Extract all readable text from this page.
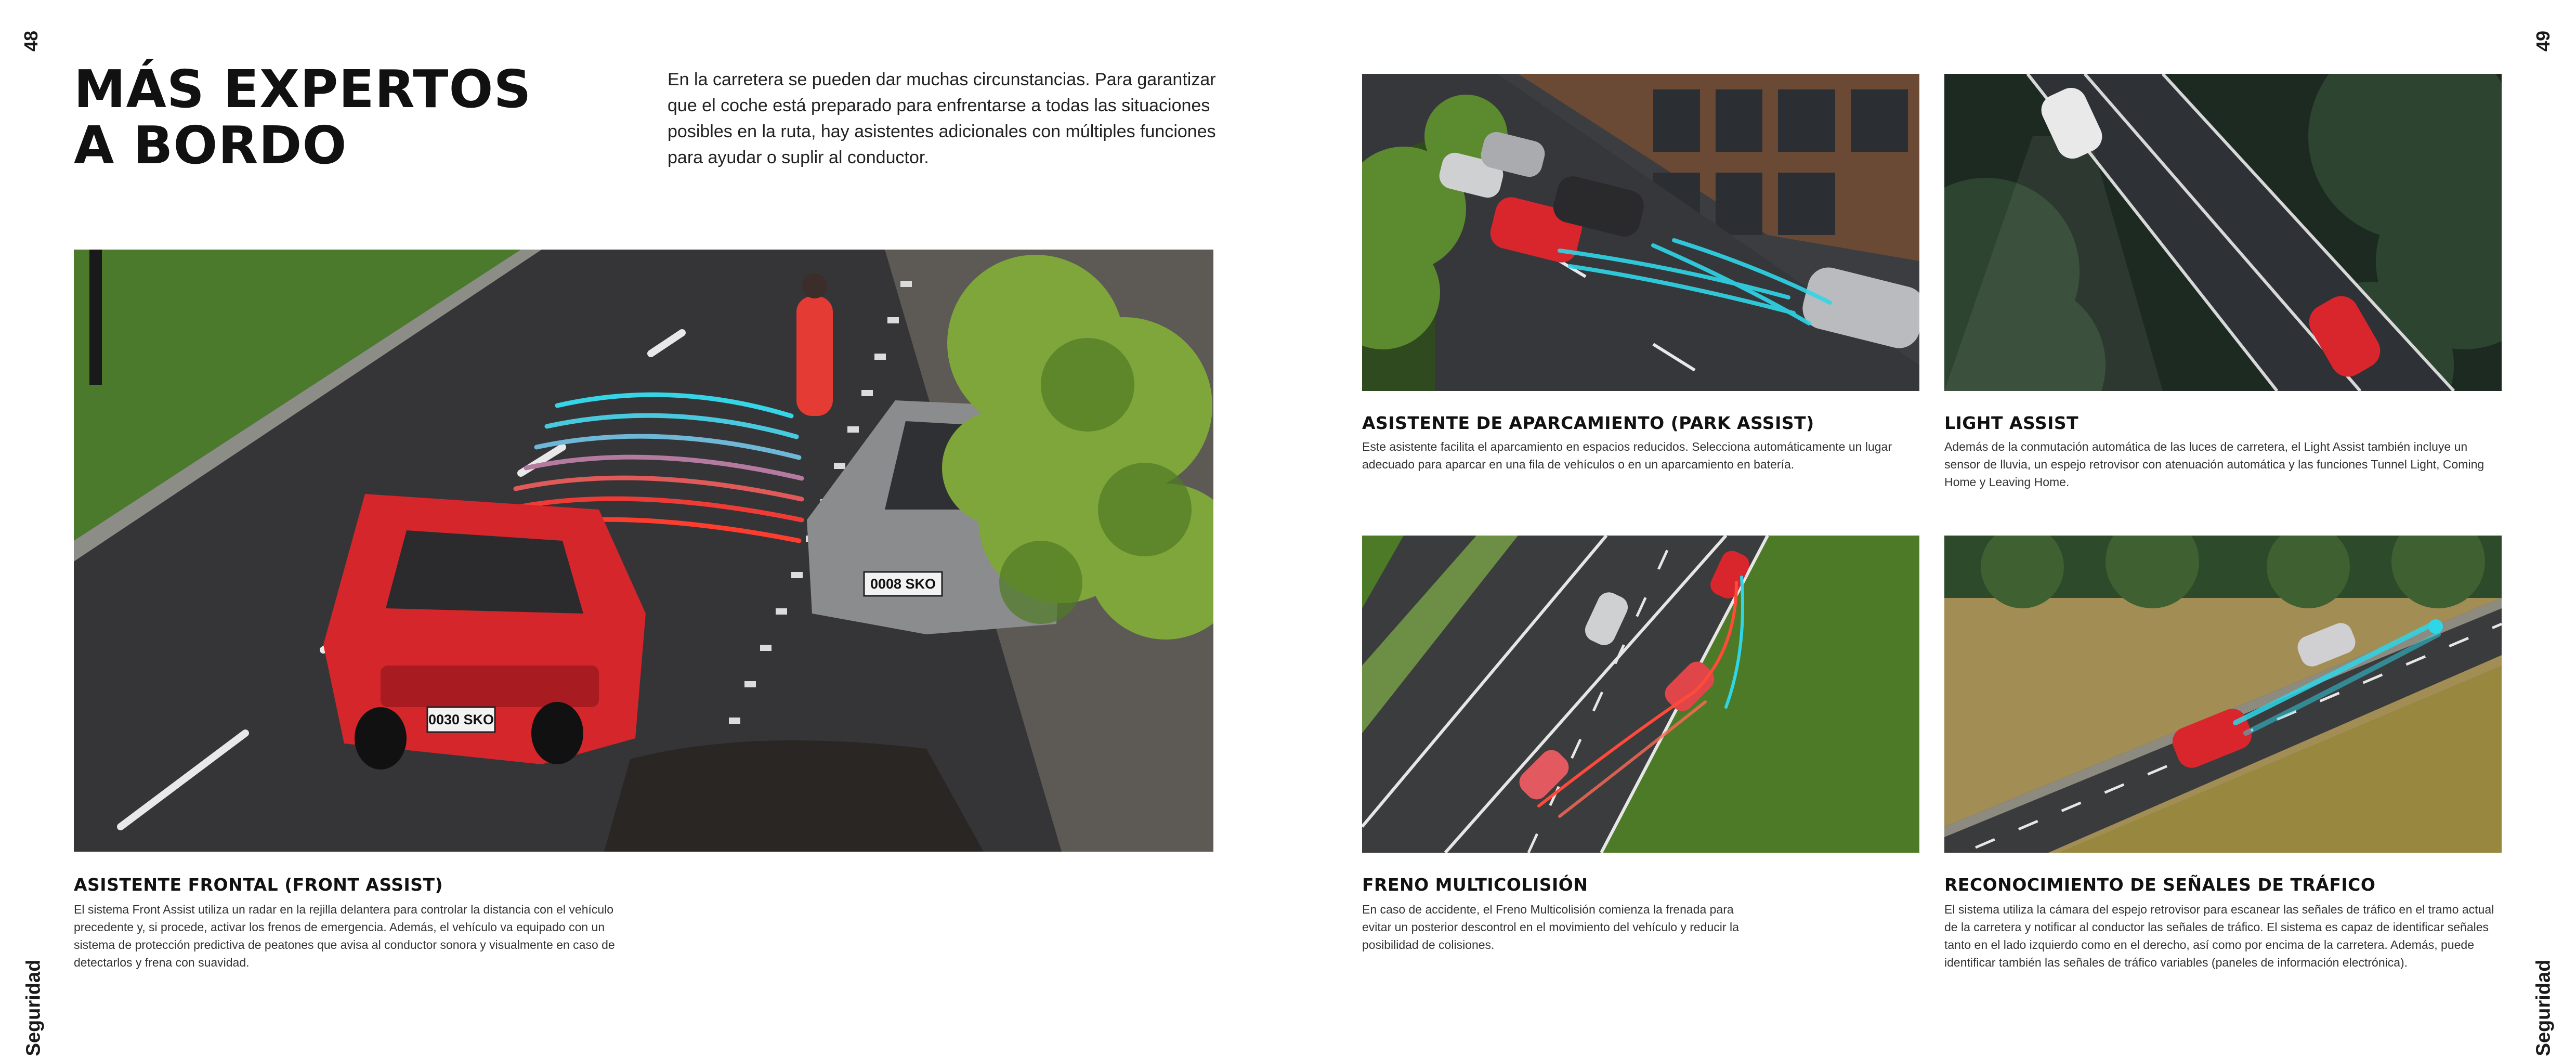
48	49
Seguridad	Seguridad
MÁS EXPERTOS
A BORDO

En la carretera se pueden dar muchas circunstancias. Para garantizar que el coche está preparado para enfrentarse a todas las situaciones posibles en la ruta, hay asistentes adicionales con múltiples funciones para ayudar o suplir al conductor.

0030 SKO
0008 SKO
ASISTENTE FRONTAL (FRONT ASSIST)

El sistema Front Assist utiliza un radar en la rejilla delantera para controlar la distancia con el vehículo precedente y, si procede, activar los frenos de emergencia. Además, el vehículo va equipado con un sistema de protección predictiva de peatones que avisa al conductor sonora y visualmente en caso de detectarlos y frena con suavidad.

ASISTENTE DE APARCAMIENTO (PARK ASSIST)

Este asistente facilita el aparcamiento en espacios reducidos. Selecciona automáticamente un lugar adecuado para aparcar en una fila de vehículos o en un aparcamiento en batería.

LIGHT ASSIST

Además de la conmutación automática de las luces de carretera, el Light Assist también incluye un sensor de lluvia, un espejo retrovisor con atenuación automática y las funciones Tunnel Light, Coming Home y Leaving Home.

FRENO MULTICOLISIÓN

En caso de accidente, el Freno Multicolisión comienza la frenada para evitar un posterior descontrol en el movimiento del vehículo y reducir la posibilidad de colisiones.

RECONOCIMIENTO DE SEÑALES DE TRÁFICO

El sistema utiliza la cámara del espejo retrovisor para escanear las señales de tráfico en el tramo actual de la carretera y notificar al conductor las señales de tráfico. El sistema es capaz de identificar señales tanto en el lado izquierdo como en el derecho, así como por encima de la carretera. Además, puede identificar también las señales de tráfico variables (paneles de información electrónica).
